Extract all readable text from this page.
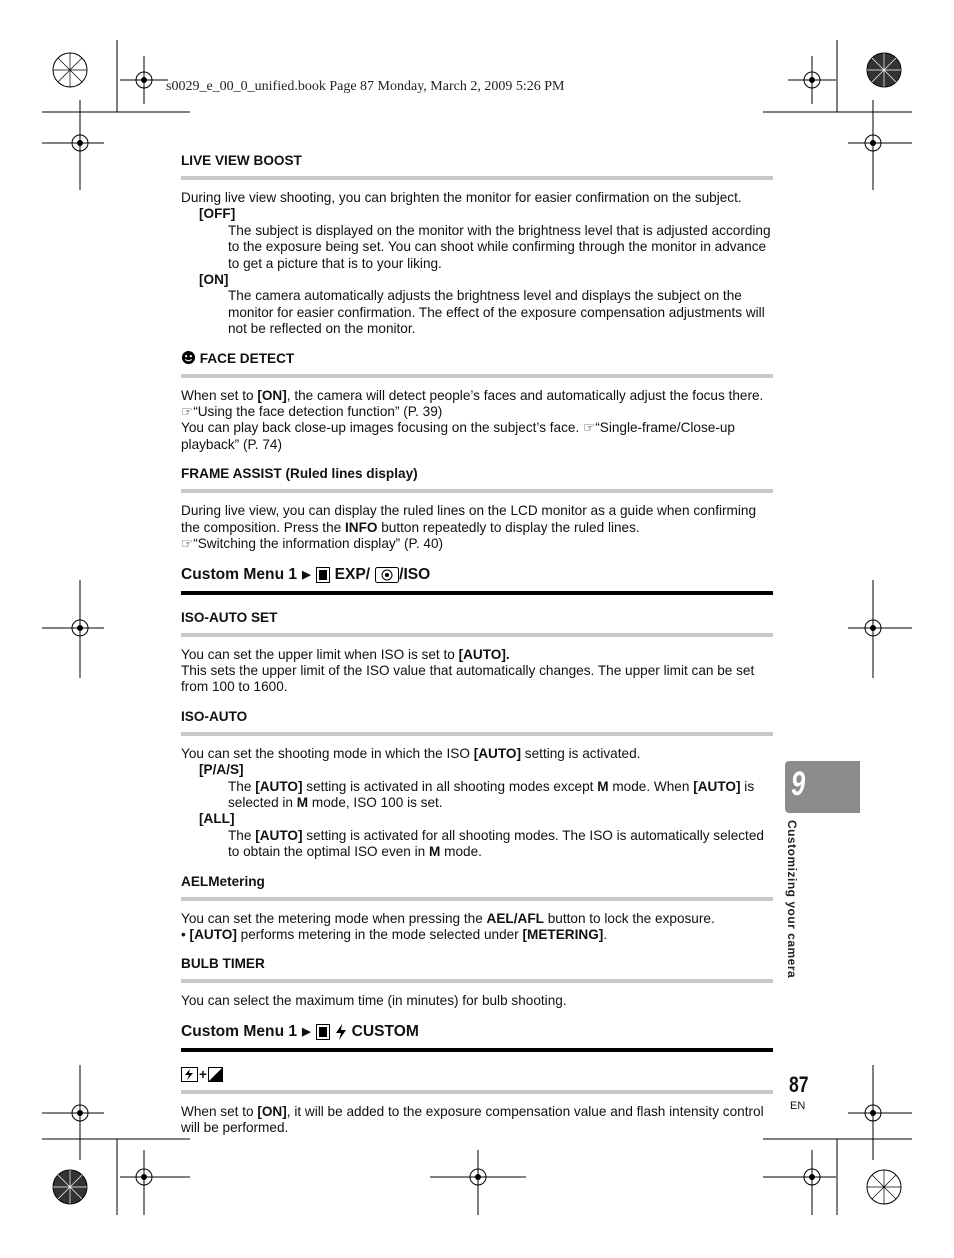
s0029_e_00_0_unified.book Page 87 Monday, March 2, 2009 5:26 PM

LIVE VIEW BOOST

During live view shooting, you can brighten the monitor for easier confirmation on the subject.

[OFF]

The subject is displayed on the monitor with the brightness level that is adjusted according to the exposure being set. You can shoot while confirming through the monitor in advance to get a picture that is to your liking.

[ON]

The camera automatically adjusts the brightness level and displays the subject on the monitor for easier confirmation. The effect of the exposure compensation adjustments will not be reflected on the monitor.

FACE DETECT

When set to [ON], the camera will detect people’s faces and automatically adjust the focus there.

☞“Using the face detection function” (P. 39)

You can play back close-up images focusing on the subject’s face. ☞“Single-frame/Close-up playback” (P. 74)

FRAME ASSIST (Ruled lines display)

During live view, you can display the ruled lines on the LCD monitor as a guide when confirming the composition. Press the INFO button repeatedly to display the ruled lines.

☞“Switching the information display” (P. 40)

Custom Menu 1 ▶ EXP/ /ISO

ISO-AUTO SET

You can set the upper limit when ISO is set to [AUTO].

This sets the upper limit of the ISO value that automatically changes. The upper limit can be set from 100 to 1600.

ISO-AUTO

You can set the shooting mode in which the ISO [AUTO] setting is activated.

[P/A/S]

The [AUTO] setting is activated in all shooting modes except M mode. When [AUTO] is selected in M mode, ISO 100 is set.

[ALL]

The [AUTO] setting is activated for all shooting modes. The ISO is automatically selected to obtain the optimal ISO even in M mode.

AELMetering

You can set the metering mode when pressing the AEL/AFL button to lock the exposure.

• [AUTO] performs metering in the mode selected under [METERING].

BULB TIMER

You can select the maximum time (in minutes) for bulb shooting.

Custom Menu 1 ▶	CUSTOM

+

When set to [ON], it will be added to the exposure compensation value and flash intensity control will be performed.

9
Customizing your camera
87
EN
